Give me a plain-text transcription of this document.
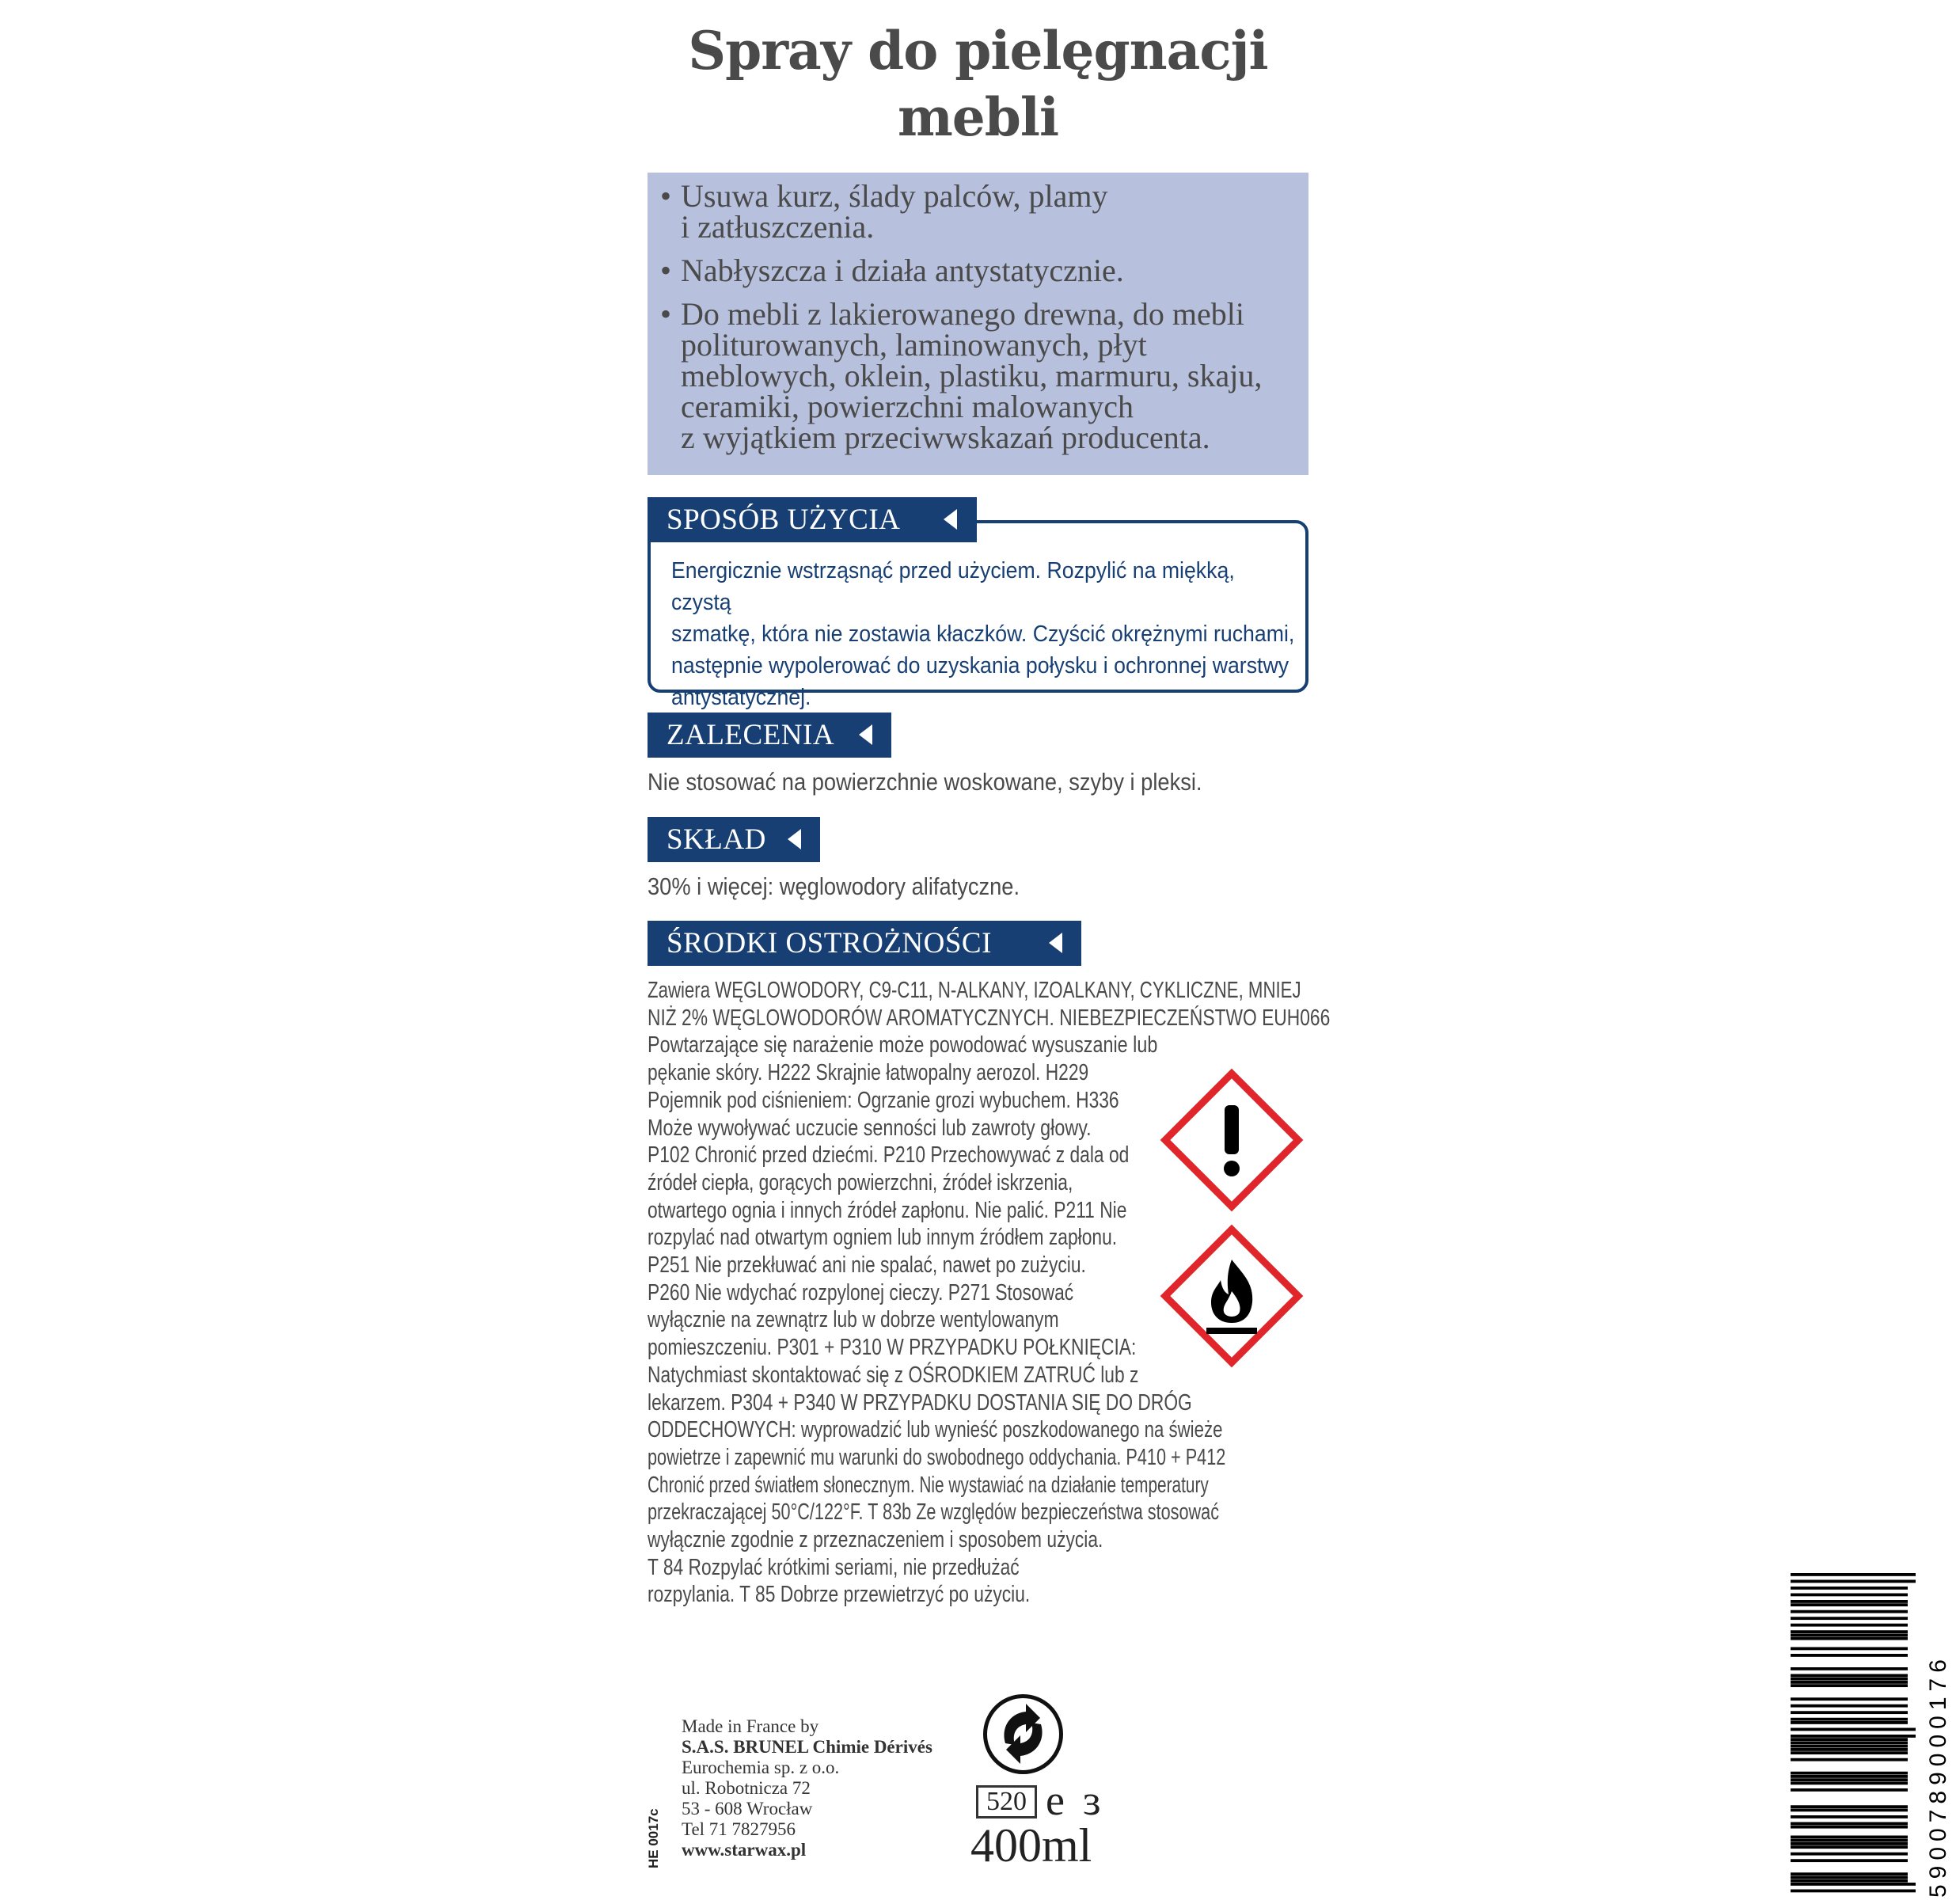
Spray do pielęgnacji
mebli
• Usuwa kurz, ślady palców, plamy
i zatłuszczenia.
• Nabłyszcza i działa antystatycznie.
• Do mebli z lakierowanego drewna, do mebli
politurowanych, laminowanych, płyt
meblowych, oklein, plastiku, marmuru, skaju,
ceramiki, powierzchni malowanych
z wyjątkiem przeciwwskazań producenta.
Energicznie wstrząsnąć przed użyciem. Rozpylić na miękką, czystą
szmatkę, która nie zostawia kłaczków. Czyścić okrężnymi ruchami,
następnie wypolerować do uzyskania połysku i ochronnej warstwy
antystatycznej.
SPOSÓB UŻYCIA
ZALECENIA
Nie stosować na powierzchnie woskowane, szyby i pleksi.
SKŁAD
30% i więcej: węglowodory alifatyczne.
ŚRODKI OSTROŻNOŚCI
Zawiera WĘGLOWODORY, C9-C11, N-ALKANY, IZOALKANY, CYKLICZNE, MNIEJ
NIŻ 2% WĘGLOWODORÓW AROMATYCZNYCH. NIEBEZPIECZEŃSTWO EUH066
Powtarzające się narażenie może powodować wysuszanie lub
pękanie skóry. H222 Skrajnie łatwopalny aerozol. H229
Pojemnik pod ciśnieniem: Ogrzanie grozi wybuchem. H336
Może wywoływać uczucie senności lub zawroty głowy.
P102 Chronić przed dziećmi. P210 Przechowywać z dala od
źródeł ciepła, gorących powierzchni, źródeł iskrzenia,
otwartego ognia i innych źródeł zapłonu. Nie palić. P211 Nie
rozpylać nad otwartym ogniem lub innym źródłem zapłonu.
P251 Nie przekłuwać ani nie spalać, nawet po zużyciu.
P260 Nie wdychać rozpylonej cieczy. P271 Stosować
wyłącznie na zewnątrz lub w dobrze wentylowanym
pomieszczeniu. P301 + P310 W PRZYPADKU POŁKNIĘCIA:
Natychmiast skontaktować się z OŚRODKIEM ZATRUĆ lub z
lekarzem. P304 + P340 W PRZYPADKU DOSTANIA SIĘ DO DRÓG
ODDECHOWYCH: wyprowadzić lub wynieść poszkodowanego na świeże
powietrze i zapewnić mu warunki do swobodnego oddychania. P410 + P412
Chronić przed światłem słonecznym. Nie wystawiać na działanie temperatury
przekraczającej 50°C/122°F. T 83b Ze względów bezpieczeństwa stosować
wyłącznie zgodnie z przeznaczeniem i sposobem użycia.
T 84 Rozpylać krótkimi seriami, nie przedłużać
rozpylania. T 85 Dobrze przewietrzyć po użyciu.
Made in France by
S.A.S. BRUNEL Chimie Dérivés
Eurochemia sp. z o.o.
ul. Robotnicza 72
53 - 608 Wrocław
Tel 71 7827956
www.starwax.pl
HE 0017c
520 e ε
400ml	5900789000176
